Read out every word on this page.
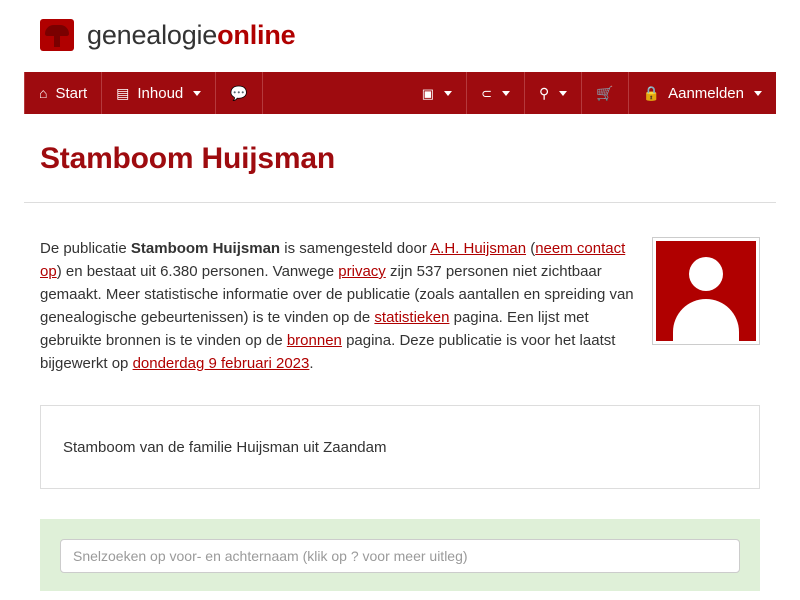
genealogieonline
⌂ Start ▤ Inhoud	💬	▣	⊂	⚲	🛒 🔒 Aanmelden
Stamboom Huijsman
De publicatie Stamboom Huijsman is samengesteld door A.H. Huijsman (neem contact op) en bestaat uit 6.380 personen. Vanwege privacy zijn 537 personen niet zichtbaar gemaakt. Meer statistische informatie over de publicatie (zoals aantallen en spreiding van genealogische gebeurtenissen) is te vinden op de statistieken pagina. Een lijst met gebruikte bronnen is te vinden op de bronnen pagina. Deze publicatie is voor het laatst bijgewerkt op donderdag 9 februari 2023.
Stamboom van de familie Huijsman uit Zaandam
Snelzoeken op voor- en achternaam (klik op ? voor meer uitleg)
